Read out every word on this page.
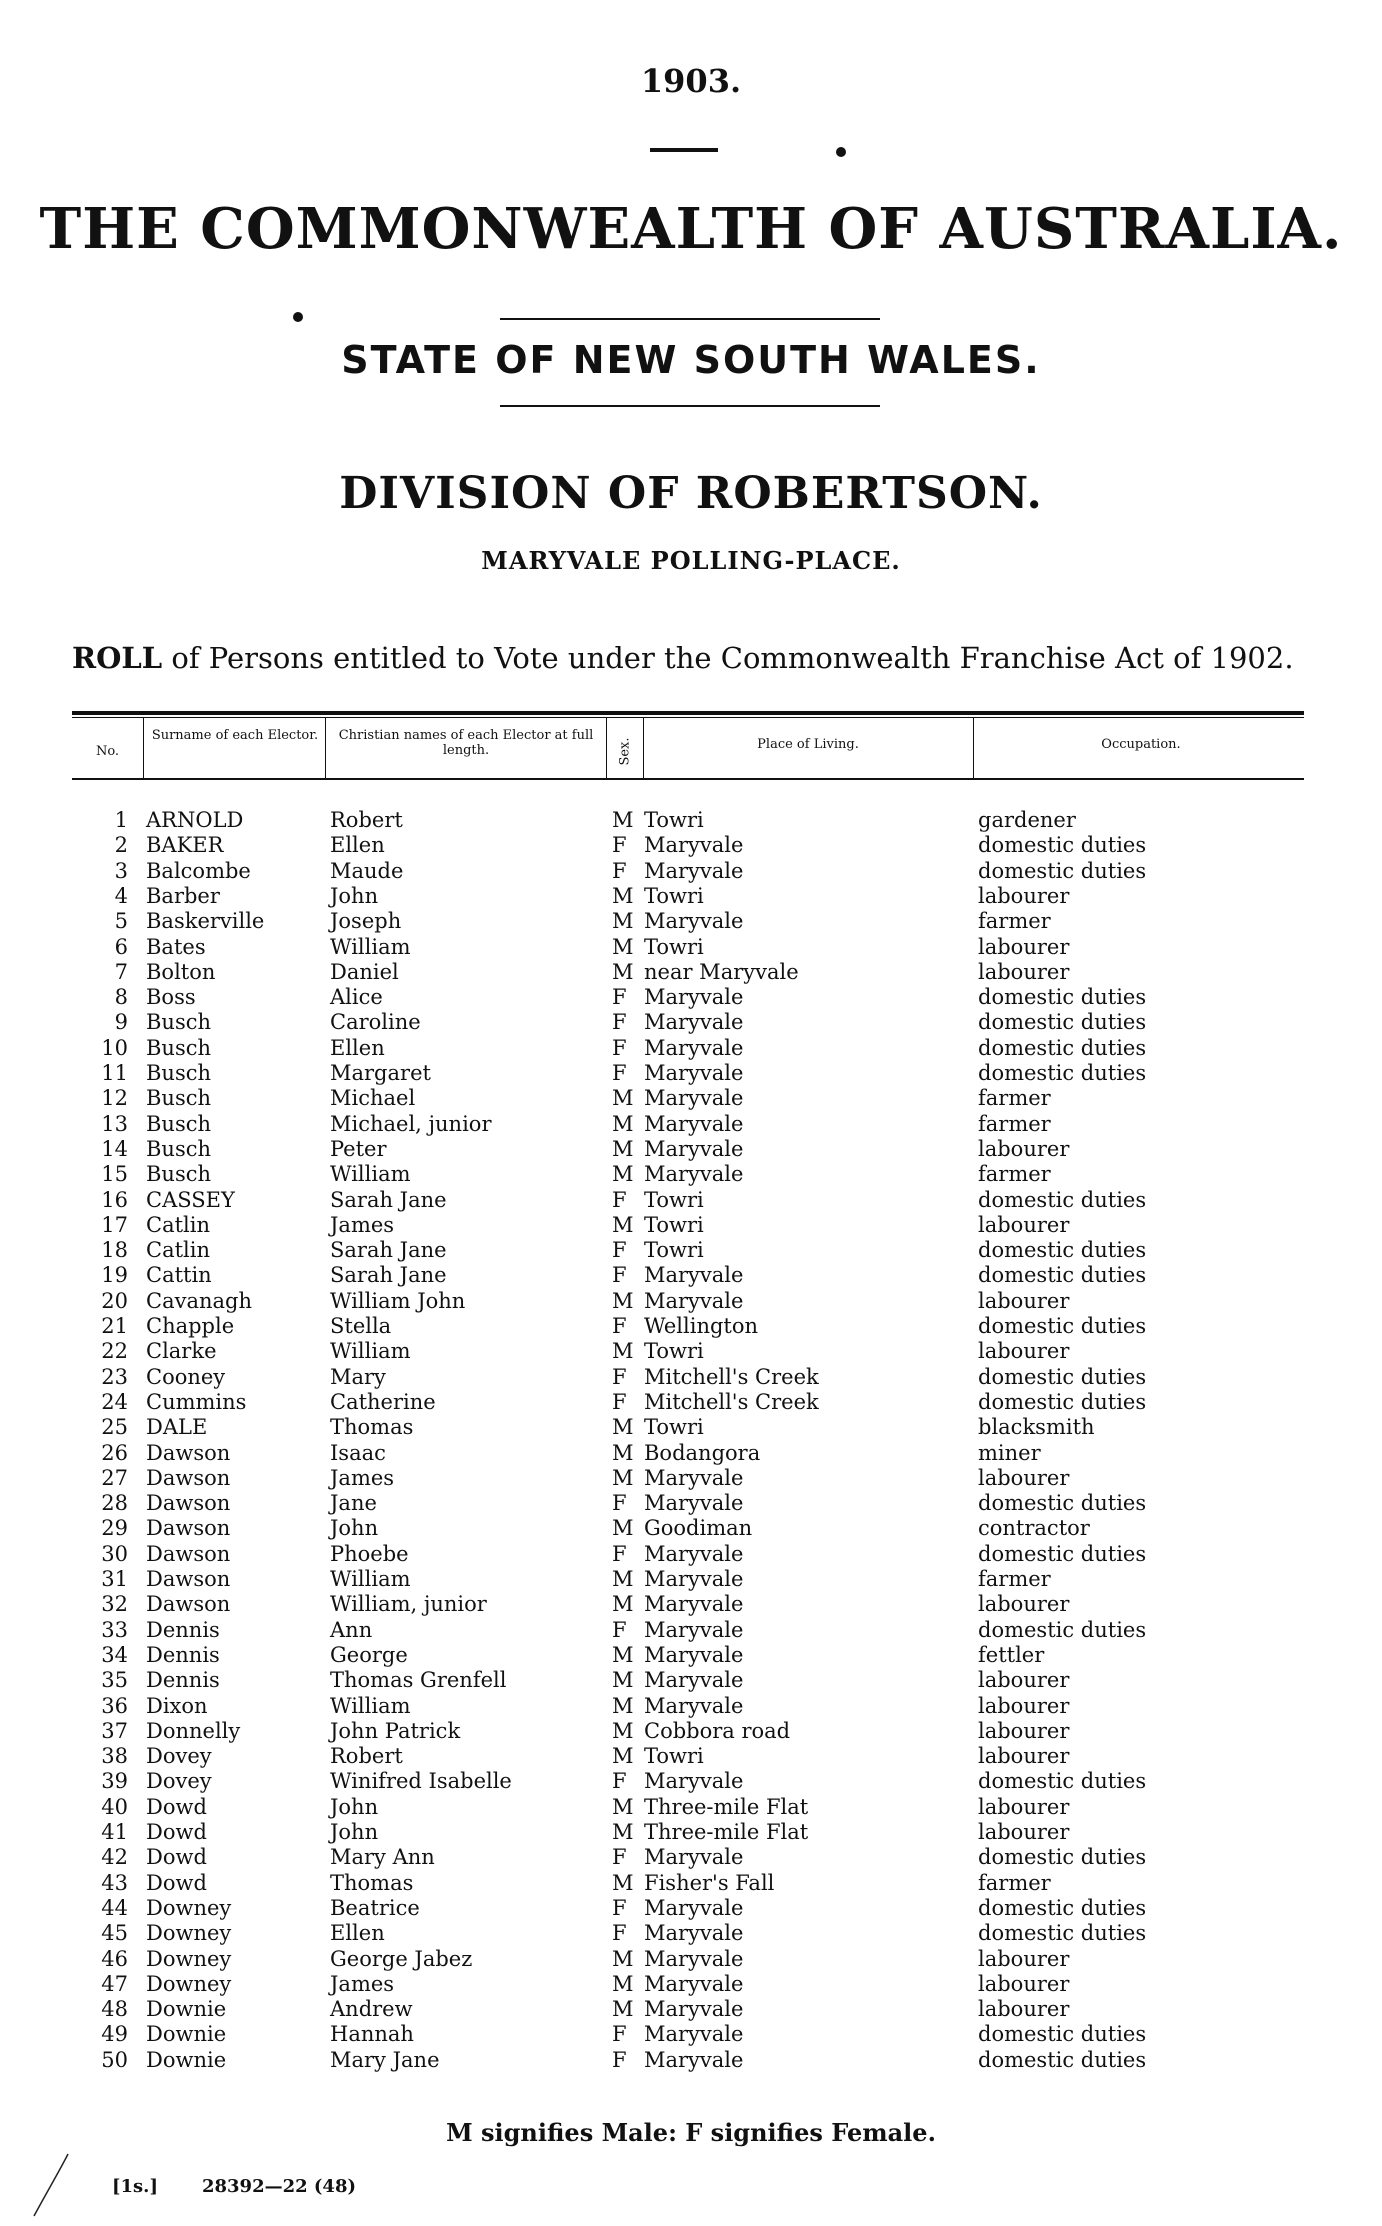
1903.
THE COMMONWEALTH OF AUSTRALIA.
STATE OF NEW SOUTH WALES.
DIVISION OF ROBERTSON.
MARYVALE POLLING-PLACE.
ROLL of Persons entitled to Vote under the Commonwealth Franchise Act of 1902.
No.
Surname of each Elector.	Christian names of each Elector at full length.	Sex.	Place of Living.	Occupation.
1 ARNOLD	Robert	M Towri	gardener
2 BAKER	Ellen	F Maryvale	domestic duties
3 Balcombe	Maude	F Maryvale	domestic duties
4 Barber	John	M Towri	labourer
5 Baskerville	Joseph	M Maryvale	farmer
6 Bates	William	M Towri	labourer
7 Bolton	Daniel	M near Maryvale	labourer
8 Boss	Alice	F Maryvale	domestic duties
9 Busch	Caroline	F Maryvale	domestic duties
10 Busch	Ellen	F Maryvale	domestic duties
11 Busch	Margaret	F Maryvale	domestic duties
12 Busch	Michael	M Maryvale	farmer
13 Busch	Michael, junior	M Maryvale	farmer
14 Busch	Peter	M Maryvale	labourer
15 Busch	William	M Maryvale	farmer
16 CASSEY	Sarah Jane	F Towri	domestic duties
17 Catlin	James	M Towri	labourer
18 Catlin	Sarah Jane	F Towri	domestic duties
19 Cattin	Sarah Jane	F Maryvale	domestic duties
20 Cavanagh	William John	M Maryvale	labourer
21 Chapple	Stella	F Wellington	domestic duties
22 Clarke	William	M Towri	labourer
23 Cooney	Mary	F Mitchell's Creek	domestic duties
24 Cummins	Catherine	F Mitchell's Creek	domestic duties
25 DALE	Thomas	M Towri	blacksmith
26 Dawson	Isaac	M Bodangora	miner
27 Dawson	James	M Maryvale	labourer
28 Dawson	Jane	F Maryvale	domestic duties
29 Dawson	John	M Goodiman	contractor
30 Dawson	Phoebe	F Maryvale	domestic duties
31 Dawson	William	M Maryvale	farmer
32 Dawson	William, junior	M Maryvale	labourer
33 Dennis	Ann	F Maryvale	domestic duties
34 Dennis	George	M Maryvale	fettler
35 Dennis	Thomas Grenfell	M Maryvale	labourer
36 Dixon	William	M Maryvale	labourer
37 Donnelly	John Patrick	M Cobbora road	labourer
38 Dovey	Robert	M Towri	labourer
39 Dovey	Winifred Isabelle	F Maryvale	domestic duties
40 Dowd	John	M Three-mile Flat	labourer
41 Dowd	John	M Three-mile Flat	labourer
42 Dowd	Mary Ann	F Maryvale	domestic duties
43 Dowd	Thomas	M Fisher's Fall	farmer
44 Downey	Beatrice	F Maryvale	domestic duties
45 Downey	Ellen	F Maryvale	domestic duties
46 Downey	George Jabez	M Maryvale	labourer
47 Downey	James	M Maryvale	labourer
48 Downie	Andrew	M Maryvale	labourer
49 Downie	Hannah	F Maryvale	domestic duties
50 Downie	Mary Jane	F Maryvale	domestic duties
M signifies Male: F signifies Female.
[1s.] 28392—22 (48)
